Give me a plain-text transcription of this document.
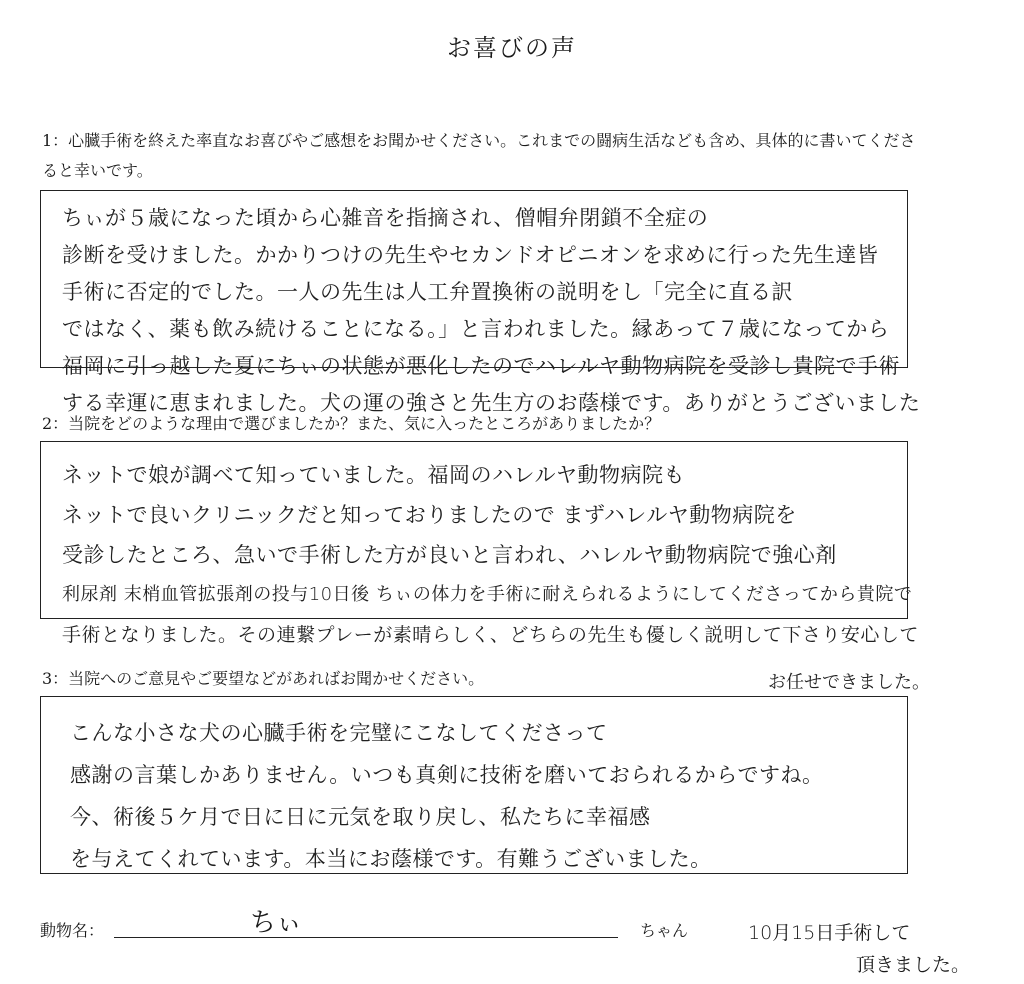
お喜びの声
1：心臓手術を終えた率直なお喜びやご感想をお聞かせください。これまでの闘病生活なども含め、具体的に書いてくださると幸いです。
ちぃが５歳になった頃から心雑音を指摘され、僧帽弁閉鎖不全症の
診断を受けました。かかりつけの先生やセカンドオピニオンを求めに行った先生達皆
手術に否定的でした。一人の先生は人工弁置換術の説明をし「完全に直る訳
ではなく、薬も飲み続けることになる。」と言われました。縁あって７歳になってから
福岡に引っ越した夏にちぃの状態が悪化したのでハレルヤ動物病院を受診し貴院で手術
する幸運に恵まれました。犬の運の強さと先生方のお蔭様です。ありがとうございました
2：当院をどのような理由で選びましたか？また、気に入ったところがありましたか？
ネットで娘が調べて知っていました。福岡のハレルヤ動物病院も
ネットで良いクリニックだと知っておりましたので まずハレルヤ動物病院を
受診したところ、急いで手術した方が良いと言われ、ハレルヤ動物病院で強心剤
利尿剤 末梢血管拡張剤の投与10日後 ちぃの体力を手術に耐えられるようにしてくださってから貴院で
手術となりました。その連繋プレーが素晴らしく、どちらの先生も優しく説明して下さり安心して
お任せできました。
3：当院へのご意見やご要望などがあればお聞かせください。
こんな小さな犬の心臓手術を完璧にこなしてくださって
感謝の言葉しかありません。いつも真剣に技術を磨いておられるからですね。
今、術後５ケ月で日に日に元気を取り戻し、私たちに幸福感
を与えてくれています。本当にお蔭様です。有難うございました。
動物名：	ちぃ	ちゃん	10月15日手術して
頂きました。
